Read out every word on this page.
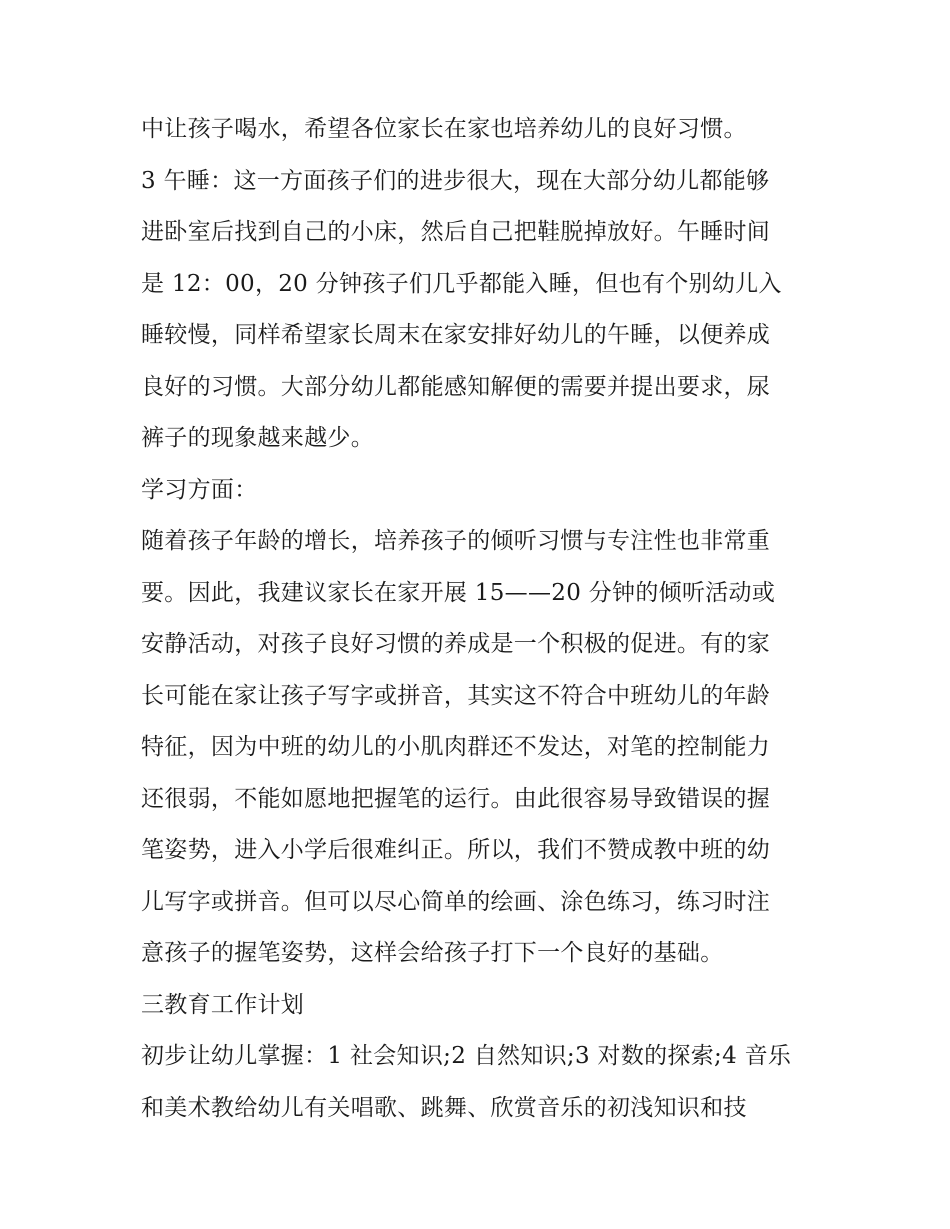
中让孩子喝水，希望各位家长在家也培养幼儿的良好习惯。
3 午睡：这一方面孩子们的进步很大，现在大部分幼儿都能够
进卧室后找到自己的小床，然后自己把鞋脱掉放好。午睡时间
是 12：00，20 分钟孩子们几乎都能入睡，但也有个别幼儿入
睡较慢，同样希望家长周末在家安排好幼儿的午睡，以便养成
良好的习惯。大部分幼儿都能感知解便的需要并提出要求，尿
裤子的现象越来越少。
学习方面：
随着孩子年龄的增长，培养孩子的倾听习惯与专注性也非常重
要。因此，我建议家长在家开展 15——20 分钟的倾听活动或
安静活动，对孩子良好习惯的养成是一个积极的促进。有的家
长可能在家让孩子写字或拼音，其实这不符合中班幼儿的年龄
特征，因为中班的幼儿的小肌肉群还不发达，对笔的控制能力
还很弱，不能如愿地把握笔的运行。由此很容易导致错误的握
笔姿势，进入小学后很难纠正。所以，我们不赞成教中班的幼
儿写字或拼音。但可以尽心简单的绘画、涂色练习，练习时注
意孩子的握笔姿势，这样会给孩子打下一个良好的基础。
三教育工作计划
初步让幼儿掌握：1 社会知识;2 自然知识;3 对数的探索;4 音乐
和美术教给幼儿有关唱歌、跳舞、欣赏音乐的初浅知识和技
